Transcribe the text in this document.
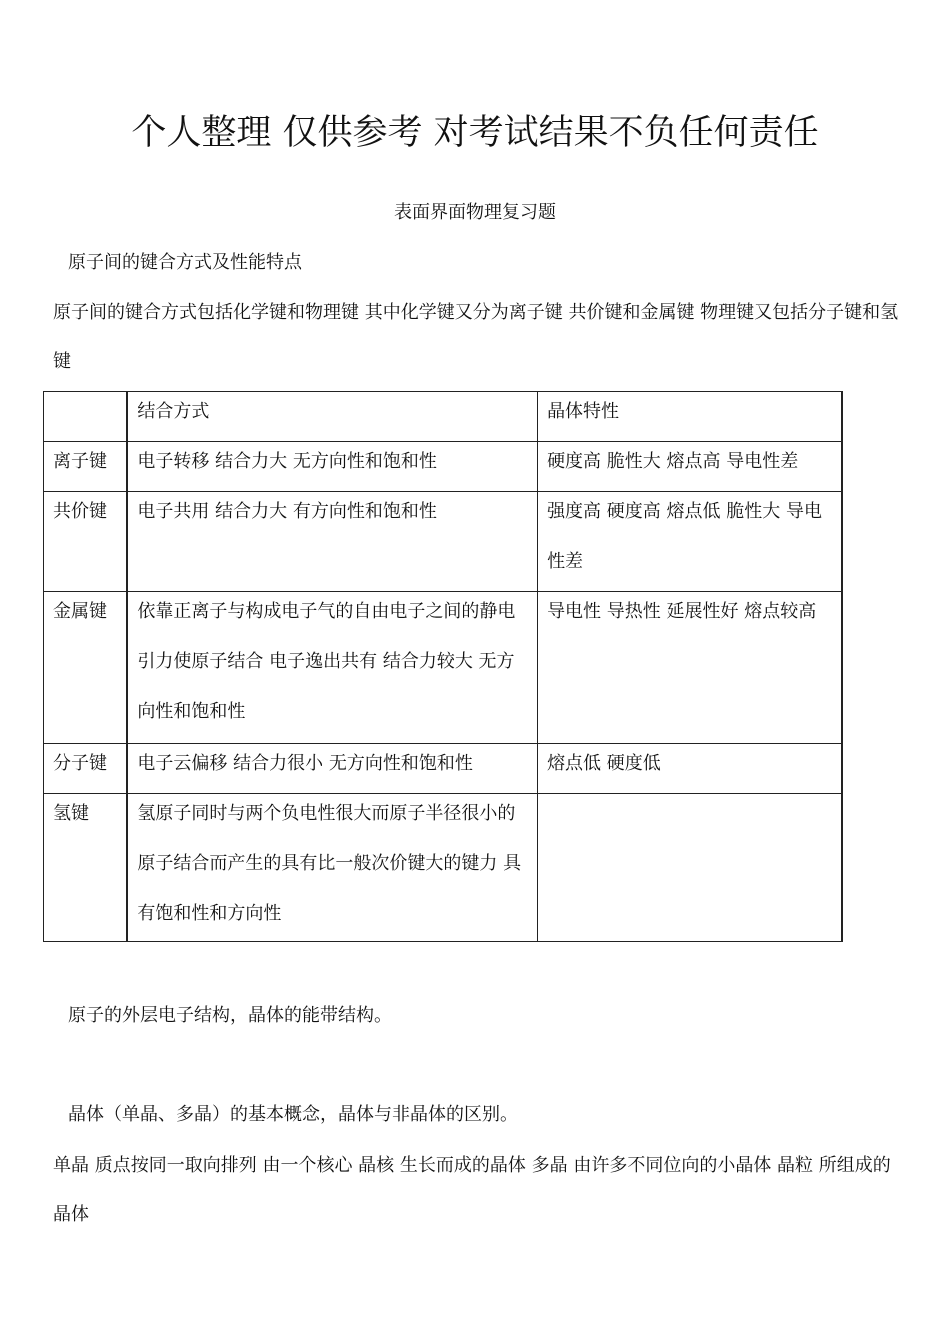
个人整理 仅供参考 对考试结果不负任何责任
表面界面物理复习题

原子间的键合方式及性能特点

原子间的键合方式包括化学键和物理键 其中化学键又分为离子键 共价键和金属键 物理键又包括分子键和氢键

	结合方式	晶体特性

离子键	电子转移 结合力大 无方向性和饱和性	硬度高 脆性大 熔点高 导电性差

共价键	电子共用 结合力大 有方向性和饱和性	强度高 硬度高 熔点低 脆性大 导电性差

金属键	依靠正离子与构成电子气的自由电子之间的静电引力使原子结合 电子逸出共有 结合力较大 无方向性和饱和性	导电性 导热性 延展性好 熔点较高

分子键	电子云偏移 结合力很小 无方向性和饱和性	熔点低 硬度低

氢键	氢原子同时与两个负电性很大而原子半径很小的原子结合而产生的具有比一般次价键大的键力 具有饱和性和方向性	

原子的外层电子结构，晶体的能带结构。

晶体（单晶、多晶）的基本概念，晶体与非晶体的区别。

单晶 质点按同一取向排列 由一个核心 晶核 生长而成的晶体 多晶 由许多不同位向的小晶体 晶粒 所组成的晶体
